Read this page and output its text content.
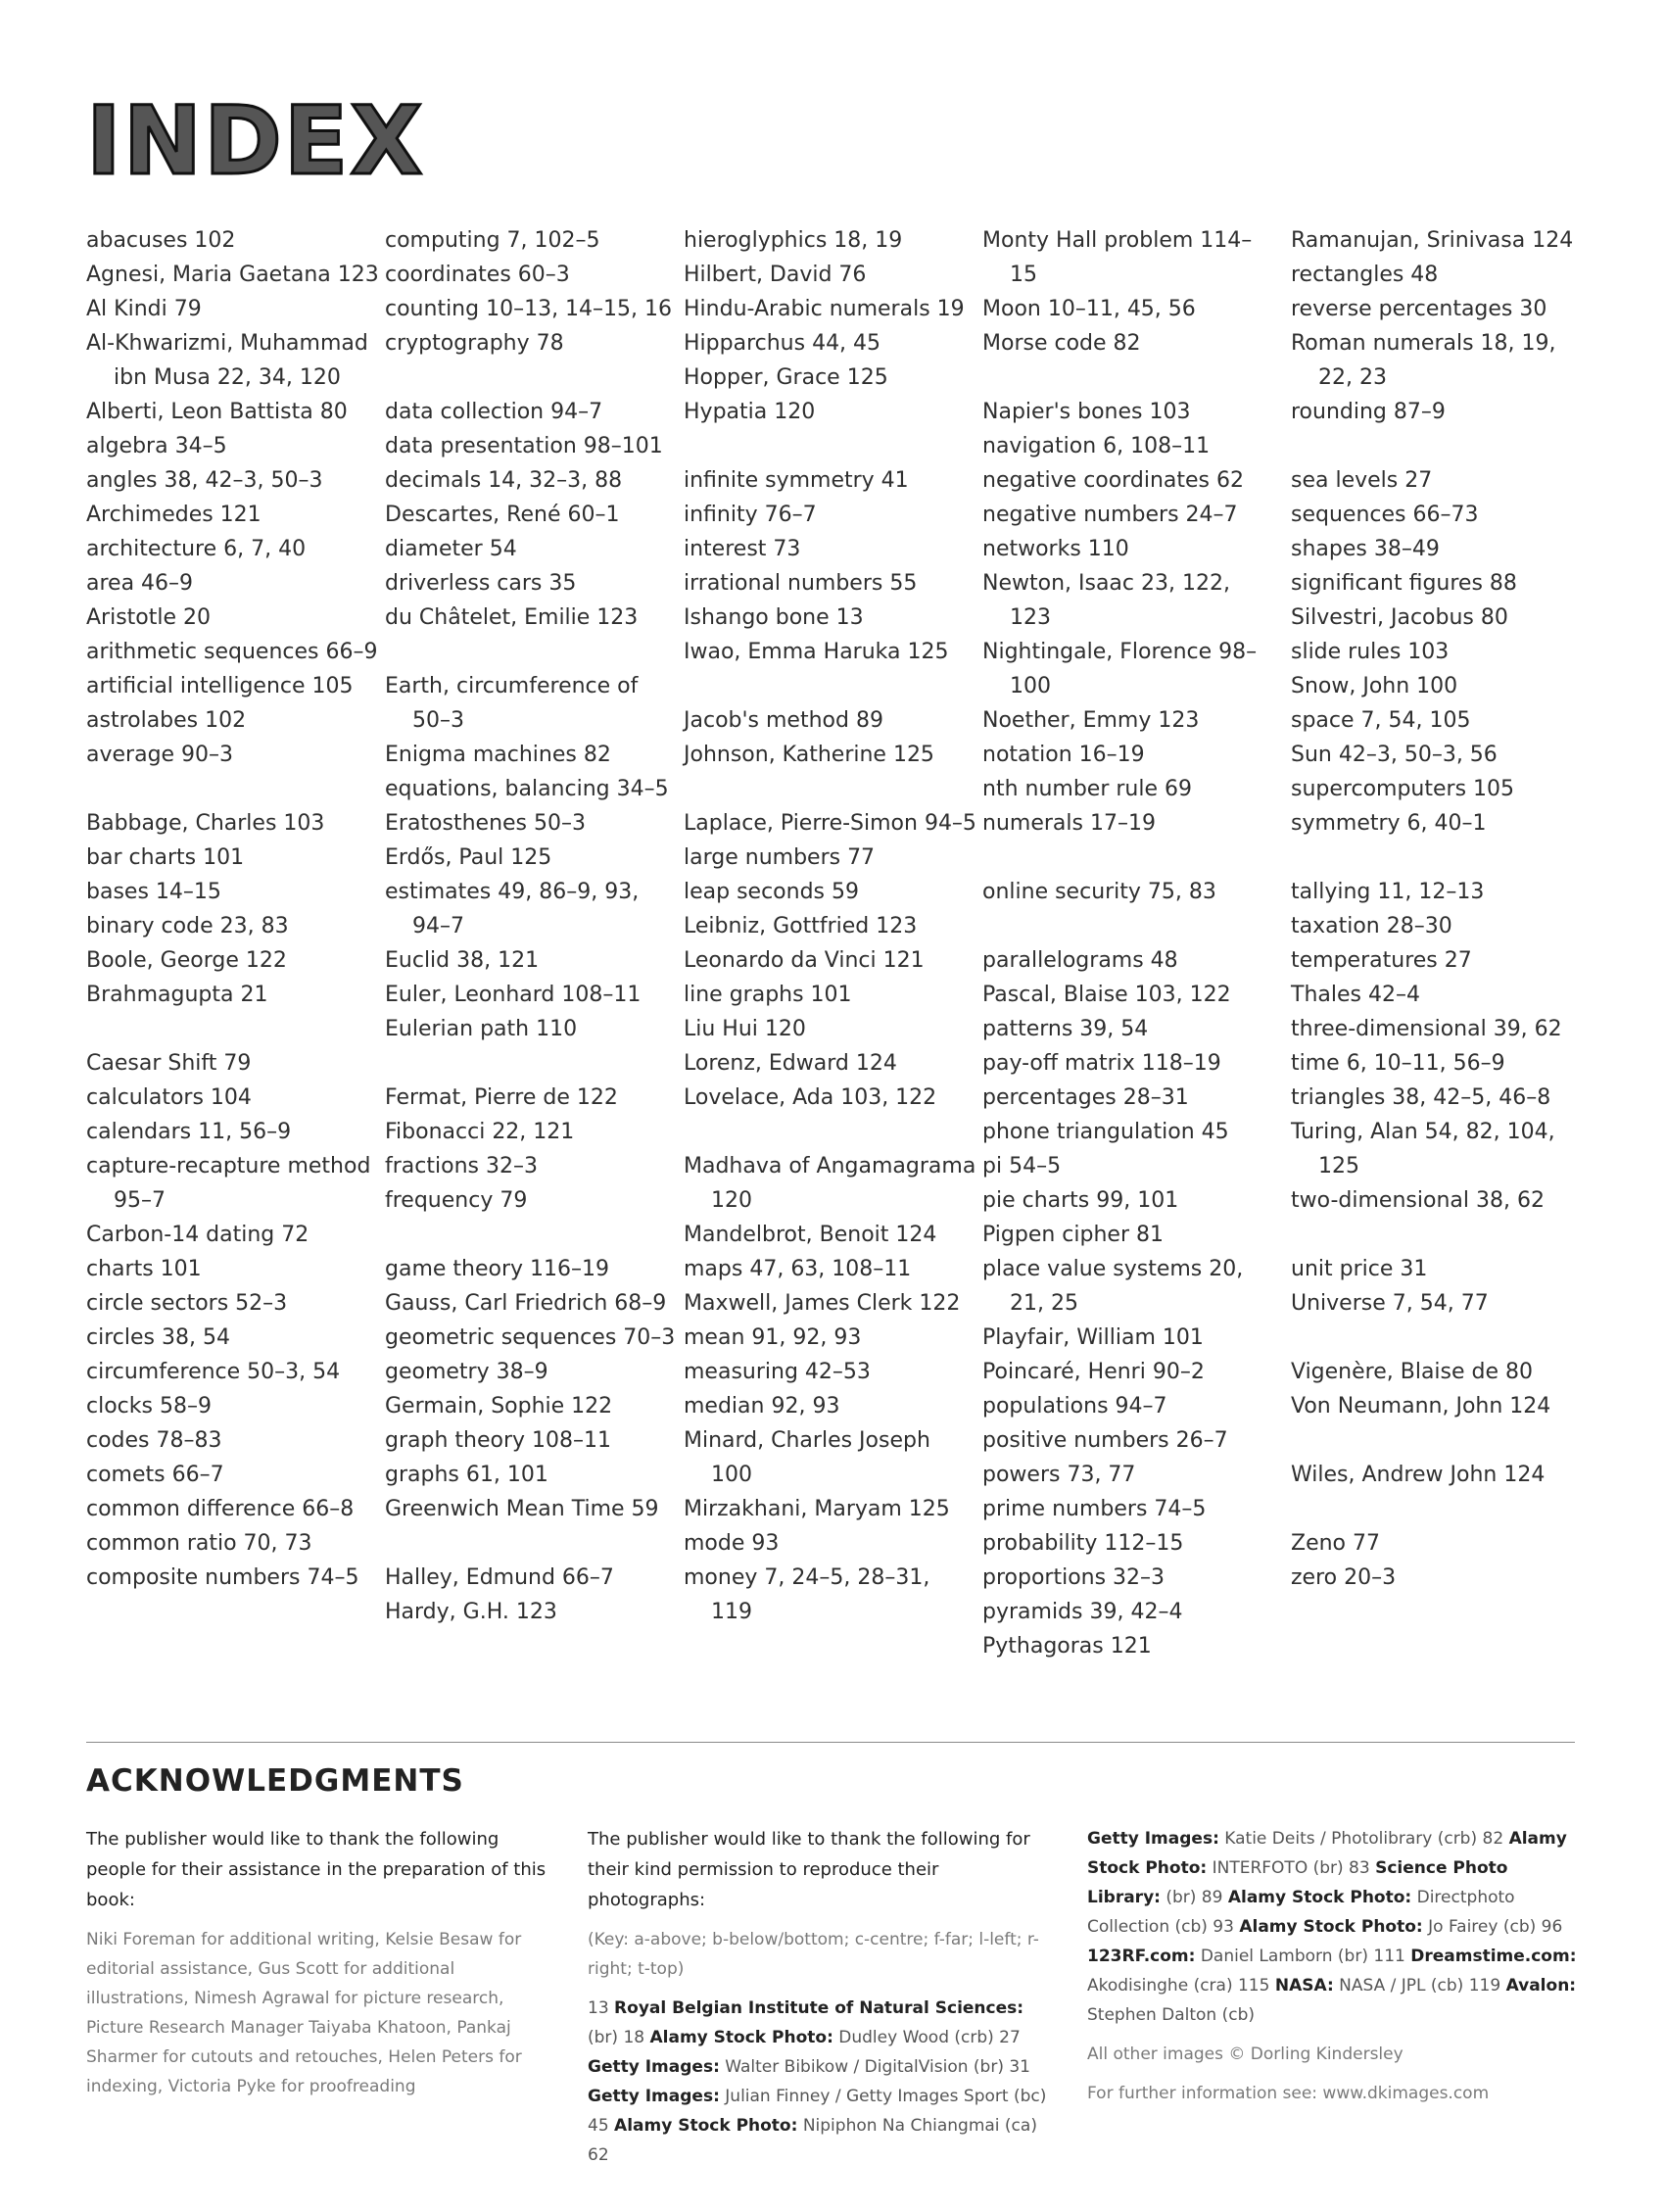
INDEX
abacuses 102
Agnesi, Maria Gaetana 123
Al Kindi 79
Al-Khwarizmi, Muhammad ibn Musa 22, 34, 120
Alberti, Leon Battista 80
algebra 34–5
angles 38, 42–3, 50–3
Archimedes 121
architecture 6, 7, 40
area 46–9
Aristotle 20
arithmetic sequences 66–9
artificial intelligence 105
astrolabes 102
average 90–3
Babbage, Charles 103
bar charts 101
bases 14–15
binary code 23, 83
Boole, George 122
Brahmagupta 21
Caesar Shift 79
calculators 104
calendars 11, 56–9
capture-recapture method 95–7
Carbon-14 dating 72
charts 101
circle sectors 52–3
circles 38, 54
circumference 50–3, 54
clocks 58–9
codes 78–83
comets 66–7
common difference 66–8
common ratio 70, 73
composite numbers 74–5
computing 7, 102–5
coordinates 60–3
counting 10–13, 14–15, 16
cryptography 78
data collection 94–7
data presentation 98–101
decimals 14, 32–3, 88
Descartes, René 60–1
diameter 54
driverless cars 35
du Châtelet, Emilie 123
Earth, circumference of 50–3
Enigma machines 82
equations, balancing 34–5
Eratosthenes 50–3
Erdős, Paul 125
estimates 49, 86–9, 93, 94–7
Euclid 38, 121
Euler, Leonhard 108–11
Eulerian path 110
Fermat, Pierre de 122
Fibonacci 22, 121
fractions 32–3
frequency 79
game theory 116–19
Gauss, Carl Friedrich 68–9
geometric sequences 70–3
geometry 38–9
Germain, Sophie 122
graph theory 108–11
graphs 61, 101
Greenwich Mean Time 59
Halley, Edmund 66–7
Hardy, G.H. 123
hieroglyphics 18, 19
Hilbert, David 76
Hindu-Arabic numerals 19
Hipparchus 44, 45
Hopper, Grace 125
Hypatia 120
infinite symmetry 41
infinity 76–7
interest 73
irrational numbers 55
Ishango bone 13
Iwao, Emma Haruka 125
Jacob's method 89
Johnson, Katherine 125
Laplace, Pierre-Simon 94–5
large numbers 77
leap seconds 59
Leibniz, Gottfried 123
Leonardo da Vinci 121
line graphs 101
Liu Hui 120
Lorenz, Edward 124
Lovelace, Ada 103, 122
Madhava of Angamagrama 120
Mandelbrot, Benoit 124
maps 47, 63, 108–11
Maxwell, James Clerk 122
mean 91, 92, 93
measuring 42–53
median 92, 93
Minard, Charles Joseph 100
Mirzakhani, Maryam 125
mode 93
money 7, 24–5, 28–31, 119
Monty Hall problem 114–15
Moon 10–11, 45, 56
Morse code 82
Napier's bones 103
navigation 6, 108–11
negative coordinates 62
negative numbers 24–7
networks 110
Newton, Isaac 23, 122, 123
Nightingale, Florence 98–100
Noether, Emmy 123
notation 16–19
nth number rule 69
numerals 17–19
online security 75, 83
parallelograms 48
Pascal, Blaise 103, 122
patterns 39, 54
pay-off matrix 118–19
percentages 28–31
phone triangulation 45
pi 54–5
pie charts 99, 101
Pigpen cipher 81
place value systems 20, 21, 25
Playfair, William 101
Poincaré, Henri 90–2
populations 94–7
positive numbers 26–7
powers 73, 77
prime numbers 74–5
probability 112–15
proportions 32–3
pyramids 39, 42–4
Pythagoras 121
Ramanujan, Srinivasa 124
rectangles 48
reverse percentages 30
Roman numerals 18, 19, 22, 23
rounding 87–9
sea levels 27
sequences 66–73
shapes 38–49
significant figures 88
Silvestri, Jacobus 80
slide rules 103
Snow, John 100
space 7, 54, 105
Sun 42–3, 50–3, 56
supercomputers 105
symmetry 6, 40–1
tallying 11, 12–13
taxation 28–30
temperatures 27
Thales 42–4
three-dimensional 39, 62
time 6, 10–11, 56–9
triangles 38, 42–5, 46–8
Turing, Alan 54, 82, 104, 125
two-dimensional 38, 62
unit price 31
Universe 7, 54, 77
Vigenère, Blaise de 80
Von Neumann, John 124
Wiles, Andrew John 124
Zeno 77
zero 20–3
ACKNOWLEDGMENTS

The publisher would like to thank the following people for their assistance in the preparation of this book:

Niki Foreman for additional writing, Kelsie Besaw for editorial assistance, Gus Scott for additional illustrations, Nimesh Agrawal for picture research, Picture Research Manager Taiyaba Khatoon, Pankaj Sharmer for cutouts and retouches, Helen Peters for indexing, Victoria Pyke for proofreading

The publisher would like to thank the following for their kind permission to reproduce their photographs:

(Key: a-above; b-below/bottom; c-centre; f-far; l-left; r-right; t-top)

13 Royal Belgian Institute of Natural Sciences: (br) 18 Alamy Stock Photo: Dudley Wood (crb) 27 Getty Images: Walter Bibikow / DigitalVision (br) 31 Getty Images: Julian Finney / Getty Images Sport (bc) 45 Alamy Stock Photo: Nipiphon Na Chiangmai (ca) 62

Getty Images: Katie Deits / Photolibrary (crb) 82 Alamy Stock Photo: INTERFOTO (br) 83 Science Photo Library: (br) 89 Alamy Stock Photo: Directphoto Collection (cb) 93 Alamy Stock Photo: Jo Fairey (cb) 96 123RF.com: Daniel Lamborn (br) 111 Dreamstime.com: Akodisinghe (cra) 115 NASA: NASA / JPL (cb) 119 Avalon: Stephen Dalton (cb)

All other images © Dorling Kindersley

For further information see: www.dkimages.com
